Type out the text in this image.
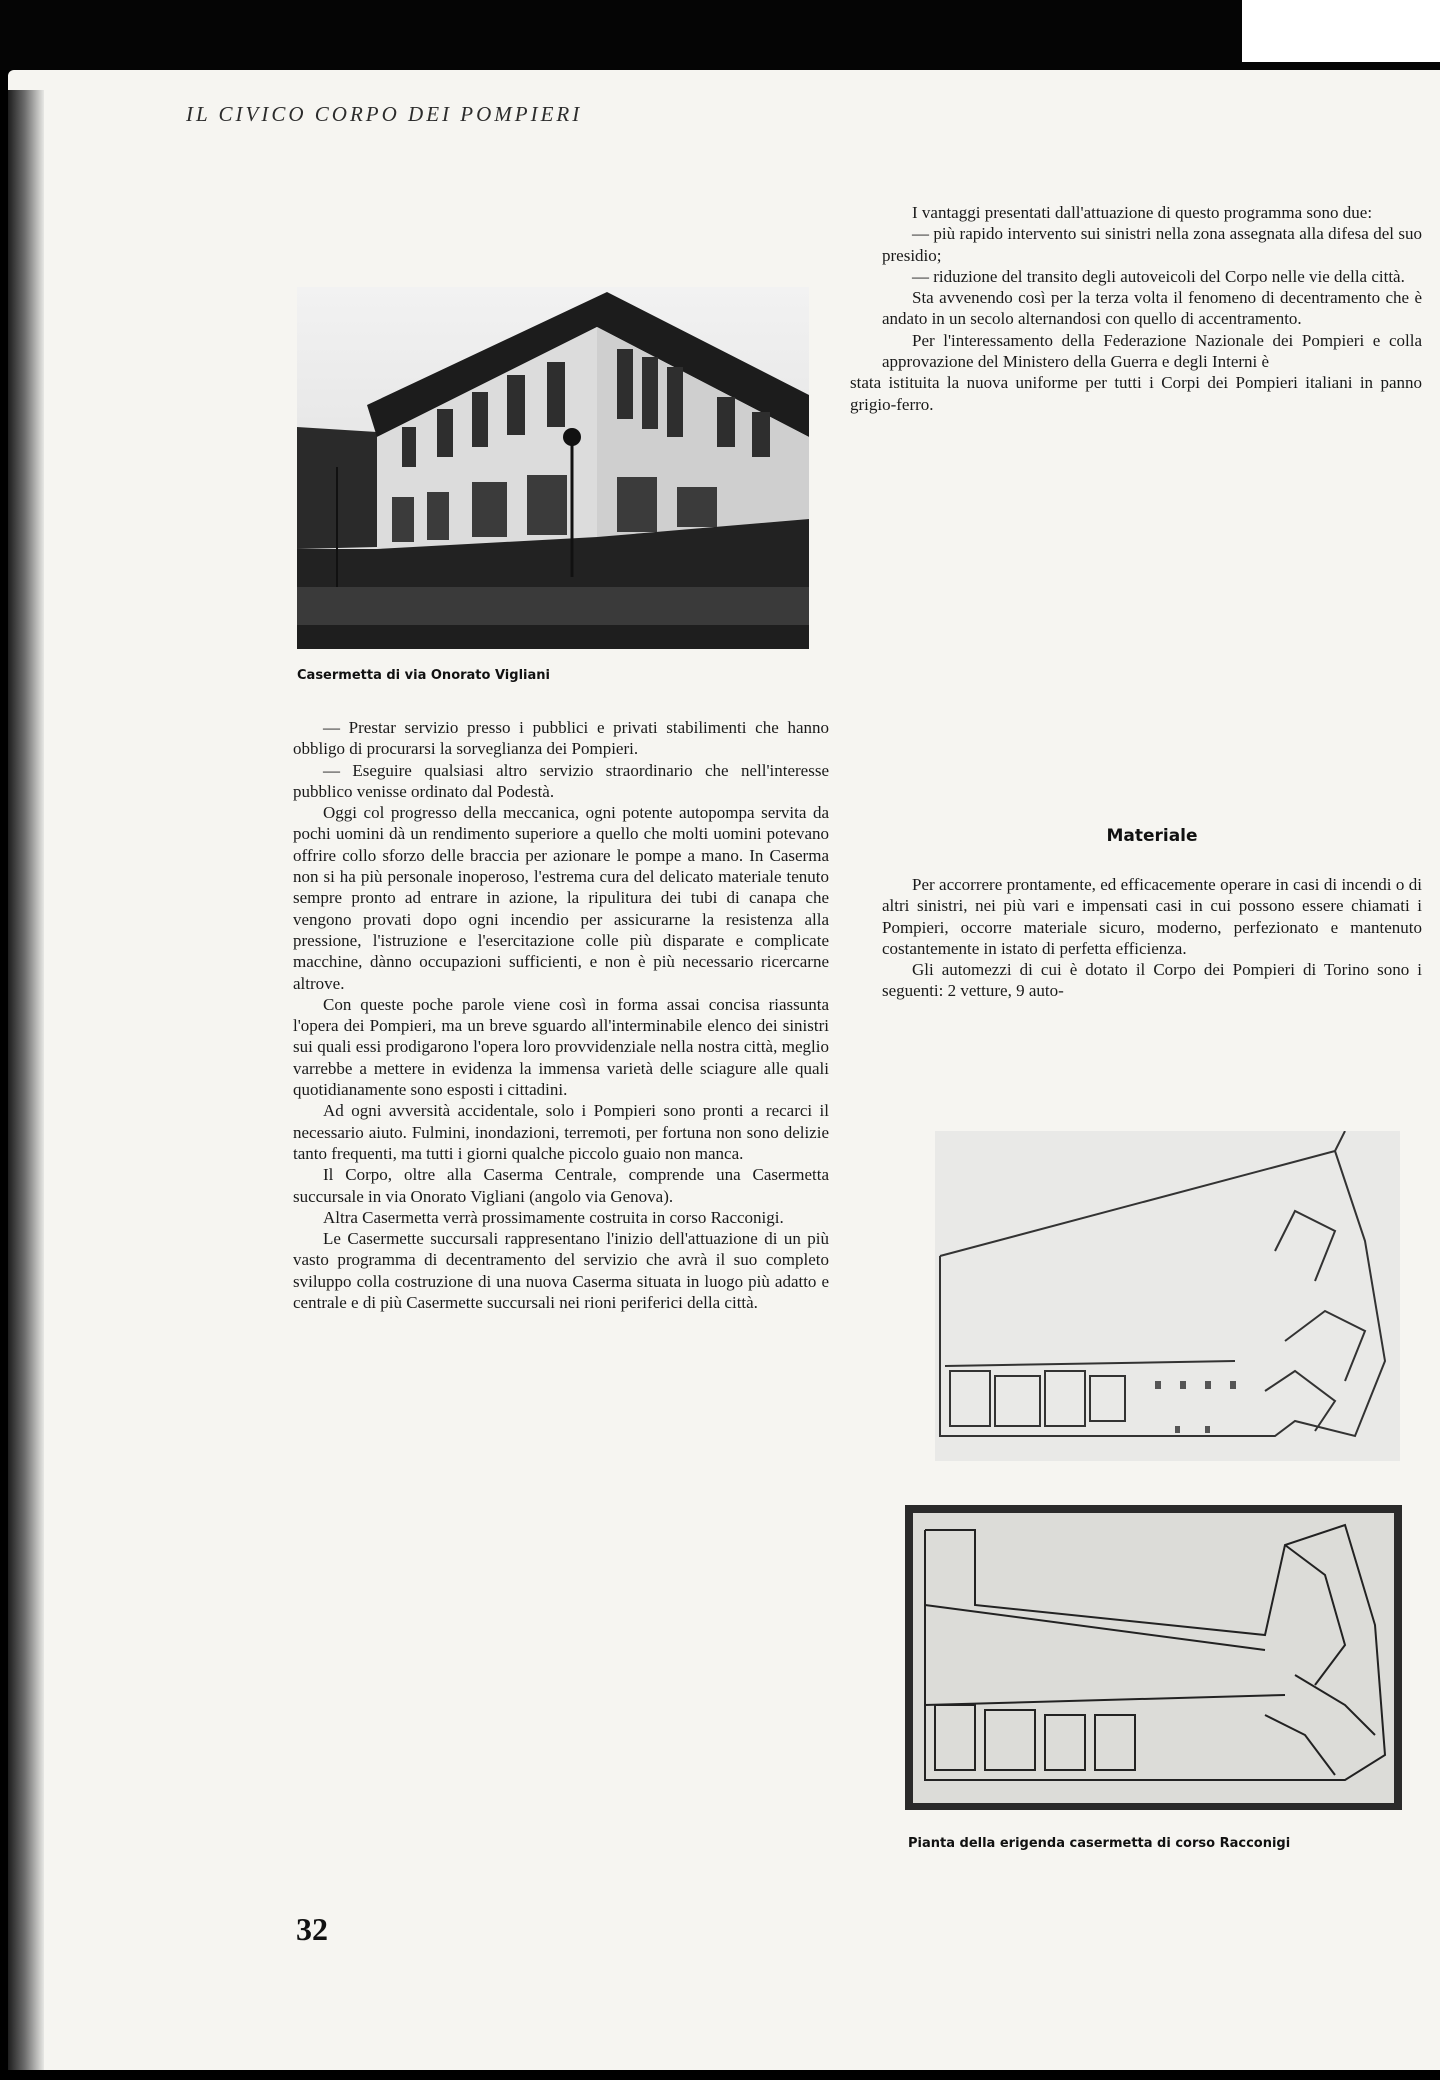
IL CIVICO CORPO DEI POMPIERI
Casermetta di via Onorato Vigliani

— Prestar servizio presso i pubblici e privati stabilimenti che hanno obbligo di procurarsi la sorveglianza dei Pompieri.

— Eseguire qualsiasi altro servizio straordinario che nell'interesse pubblico venisse ordinato dal Podestà.

Oggi col progresso della meccanica, ogni potente autopompa servita da pochi uomini dà un rendimento superiore a quello che molti uomini potevano offrire collo sforzo delle braccia per azionare le pompe a mano. In Caserma non si ha più personale inoperoso, l'estrema cura del delicato materiale tenuto sempre pronto ad entrare in azione, la ripulitura dei tubi di canapa che vengono provati dopo ogni incendio per assicurarne la resistenza alla pressione, l'istruzione e l'esercitazione colle più disparate e complicate macchine, dànno occupazioni sufficienti, e non è più necessario ricercarne altrove.

Con queste poche parole viene così in forma assai concisa riassunta l'opera dei Pompieri, ma un breve sguardo all'interminabile elenco dei sinistri sui quali essi prodigarono l'opera loro provvidenziale nella nostra città, meglio varrebbe a mettere in evidenza la immensa varietà delle sciagure alle quali quotidianamente sono esposti i cittadini.

Ad ogni avversità accidentale, solo i Pompieri sono pronti a recarci il necessario aiuto. Fulmini, inondazioni, terremoti, per fortuna non sono delizie tanto frequenti, ma tutti i giorni qualche piccolo guaio non manca.

Il Corpo, oltre alla Caserma Centrale, comprende una Casermetta succursale in via Onorato Vigliani (angolo via Genova).

Altra Casermetta verrà prossimamente costruita in corso Racconigi.

Le Casermette succursali rappresentano l'inizio dell'attuazione di un più vasto programma di decentramento del servizio che avrà il suo completo sviluppo colla costruzione di una nuova Caserma situata in luogo più adatto e centrale e di più Casermette succursali nei rioni periferici della città.

I vantaggi presentati dall'attuazione di questo programma sono due:

— più rapido intervento sui sinistri nella zona assegnata alla difesa del suo presidio;

— riduzione del transito degli autoveicoli del Corpo nelle vie della città.

Sta avvenendo così per la terza volta il fenomeno di decentramento che è andato in un secolo alternandosi con quello di accentramento.

Per l'interessamento della Federazione Nazionale dei Pompieri e colla approvazione del Ministero della Guerra e degli Interni è

stata istituita la nuova uniforme per tutti i Corpi dei Pompieri italiani in panno grigio-ferro.

Materiale

Per accorrere prontamente, ed efficacemente operare in casi di incendi o di altri sinistri, nei più vari e impensati casi in cui possono essere chiamati i Pompieri, occorre materiale sicuro, moderno, perfezionato e mantenuto costantemente in istato di perfetta efficienza.

Gli automezzi di cui è dotato il Corpo dei Pompieri di Torino sono i seguenti: 2 vetture, 9 auto-

Pianta della erigenda casermetta di corso Racconigi
32
